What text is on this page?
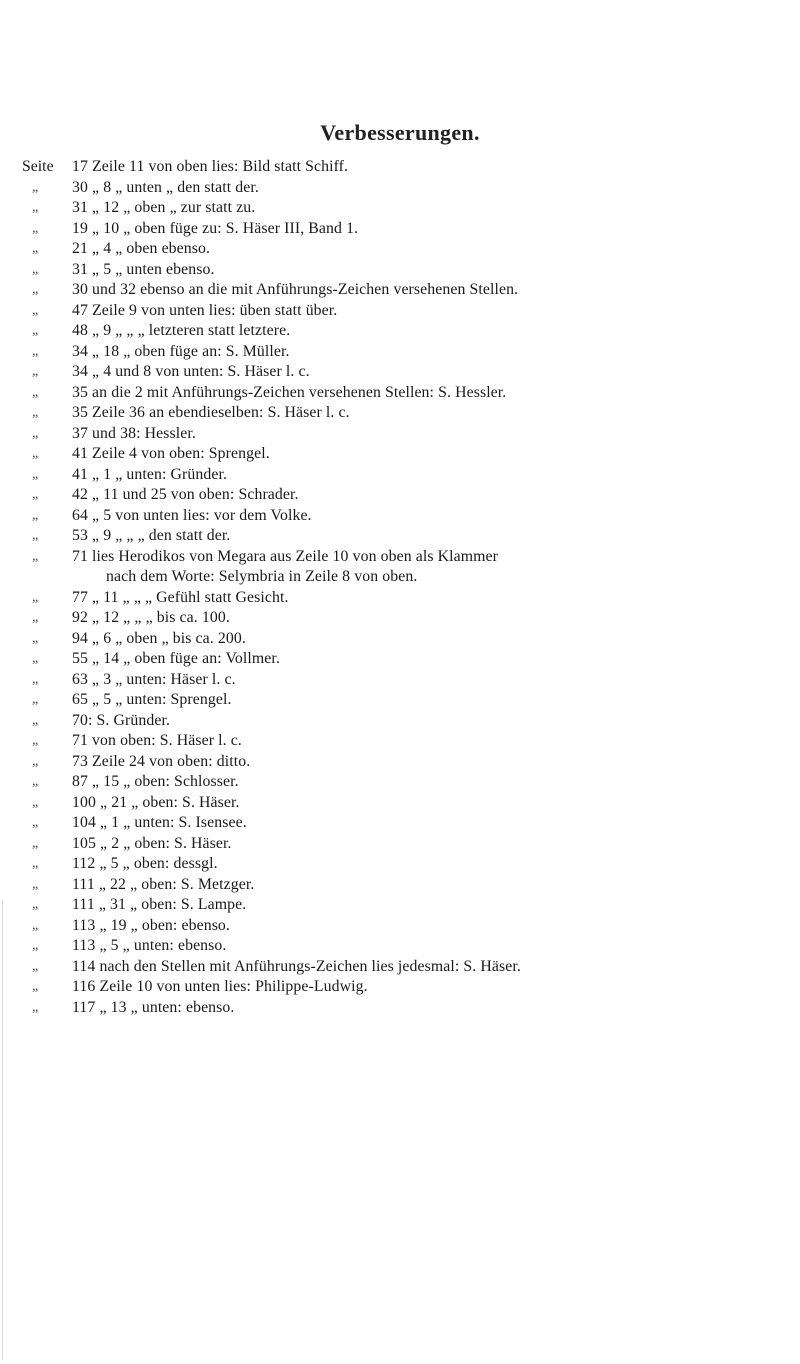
Verbesserungen.
Seite	17 Zeile 11 von oben lies: Bild statt Schiff.
„	30 „ 8 „ unten „ den statt der.
„	31 „ 12 „ oben „ zur statt zu.
„	19 „ 10 „ oben füge zu: S. Häser III, Band 1.
„	21 „ 4 „ oben ebenso.
„	31 „ 5 „ unten ebenso.
„	30 und 32 ebenso an die mit Anführungs-Zeichen versehenen Stellen.
„	47 Zeile 9 von unten lies: üben statt über.
„	48 „ 9 „ „ „ letzteren statt letztere.
„	34 „ 18 „ oben füge an: S. Müller.
„	34 „ 4 und 8 von unten: S. Häser l. c.
„	35 an die 2 mit Anführungs-Zeichen versehenen Stellen: S. Hessler.
„	35 Zeile 36 an ebendieselben: S. Häser l. c.
„	37 und 38: Hessler.
„	41 Zeile 4 von oben: Sprengel.
„	41 „ 1 „ unten: Gründer.
„	42 „ 11 und 25 von oben: Schrader.
„	64 „ 5 von unten lies: vor dem Volke.
„	53 „ 9 „ „ „ den statt der.
„	71 lies Herodikos von Megara aus Zeile 10 von oben als Klammer
nach dem Worte: Selymbria in Zeile 8 von oben.
„	77 „ 11 „ „ „ Gefühl statt Gesicht.
„	92 „ 12 „ „ „ bis ca. 100.
„	94 „ 6 „ oben „ bis ca. 200.
„	55 „ 14 „ oben füge an: Vollmer.
„	63 „ 3 „ unten: Häser l. c.
„	65 „ 5 „ unten: Sprengel.
„	70: S. Gründer.
„	71 von oben: S. Häser l. c.
„	73 Zeile 24 von oben: ditto.
„	87 „ 15 „ oben: Schlosser.
„	100 „ 21 „ oben: S. Häser.
„	104 „ 1 „ unten: S. Isensee.
„	105 „ 2 „ oben: S. Häser.
„	112 „ 5 „ oben: dessgl.
„	111 „ 22 „ oben: S. Metzger.
„	111 „ 31 „ oben: S. Lampe.
„	113 „ 19 „ oben: ebenso.
„	113 „ 5 „ unten: ebenso.
„	114 nach den Stellen mit Anführungs-Zeichen lies jedesmal: S. Häser.
„	116 Zeile 10 von unten lies: Philippe-Ludwig.
„	117 „ 13 „ unten: ebenso.
